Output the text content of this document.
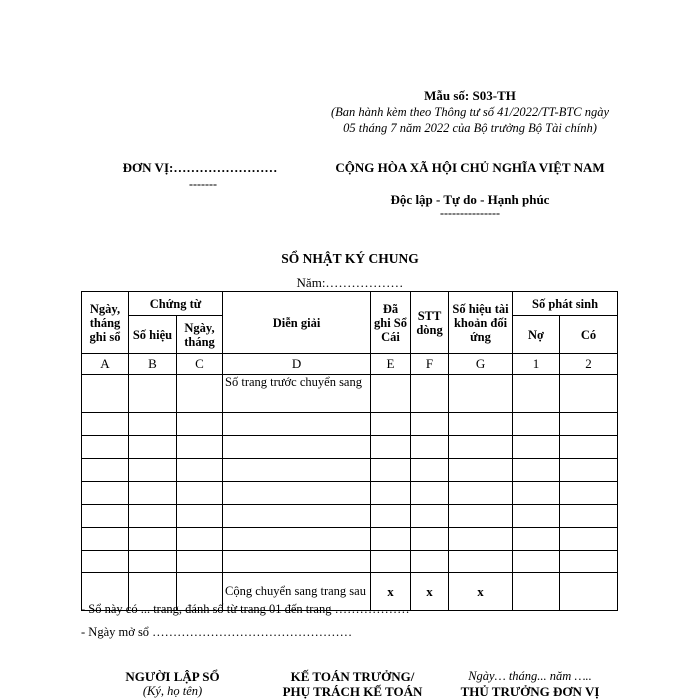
Mẫu số: S03-TH
(Ban hành kèm theo Thông tư số 41/2022/TT-BTC ngày 05 tháng 7 năm 2022 của Bộ trưởng Bộ Tài chính)
ĐƠN VỊ:……………………
-------
CỘNG HÒA XÃ HỘI CHỦ NGHĨA VIỆT NAM
Độc lập - Tự do - Hạnh phúc
---------------
SỔ NHẬT KÝ CHUNG
Năm:………………
Ngày, tháng ghi sổ	Chứng từ		Diễn giải	Đã ghi Sổ Cái	STT dòng	Số hiệu tài khoản đối ứng	Số phát sinh	
	Số hiệu	Ngày, tháng					Nợ	Có
A	B	C	D	E	F	G	1	2
			Số trang trước chuyển sang					

			Cộng chuyển sang trang sau	x	x	x		
- Sổ này có ... trang, đánh số từ trang 01 đến trang ………………
- Ngày mở sổ …………………………………………
NGƯỜI LẬP SỔ
(Ký, họ tên)
KẾ TOÁN TRƯỞNG/
PHỤ TRÁCH KẾ TOÁN
Ngày… tháng... năm …..
THỦ TRƯỞNG ĐƠN VỊ
